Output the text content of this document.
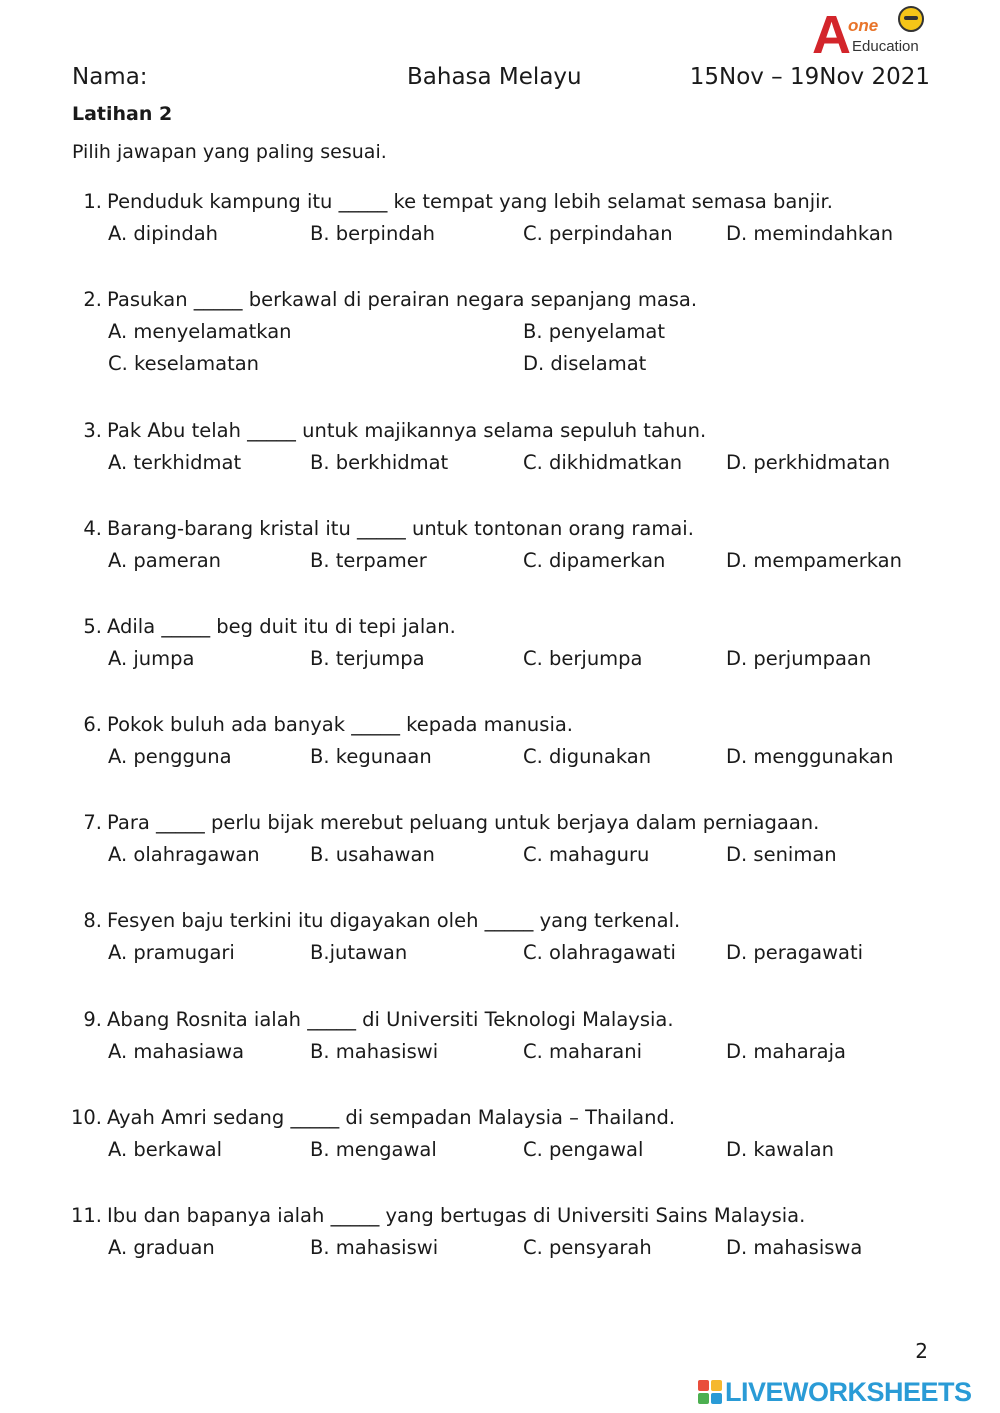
A
one
Education
Nama:	Bahasa Melayu	15Nov – 19Nov 2021
Latihan 2
Pilih jawapan yang paling sesuai.
1. Penduduk kampung itu _____ ke tempat yang lebih selamat semasa banjir.
A. dipindah	B. berpindah	C. perpindahan	D. memindahkan
2. Pasukan _____ berkawal di perairan negara sepanjang masa.
A. menyelamatkan	B. penyelamat
C. keselamatan	D. diselamat
3. Pak Abu telah _____ untuk majikannya selama sepuluh tahun.
A. terkhidmat	B. berkhidmat	C. dikhidmatkan D. perkhidmatan
4. Barang-barang kristal itu _____ untuk tontonan orang ramai.
A. pameran	B. terpamer	C. dipamerkan	D. mempamerkan
5. Adila _____ beg duit itu di tepi jalan.
A. jumpa	B. terjumpa	C. berjumpa	D. perjumpaan
6. Pokok buluh ada banyak _____ kepada manusia.
A. pengguna	B. kegunaan	C. digunakan	D. menggunakan
7. Para _____ perlu bijak merebut peluang untuk berjaya dalam perniagaan.
A. olahragawan	B. usahawan	C. mahaguru	D. seniman
8. Fesyen baju terkini itu digayakan oleh _____ yang terkenal.
A. pramugari	B.jutawan	C. olahragawati	D. peragawati
9. Abang Rosnita ialah _____ di Universiti Teknologi Malaysia.
A. mahasiawa	B. mahasiswi	C. maharani	D. maharaja
10. Ayah Amri sedang _____ di sempadan Malaysia – Thailand.
A. berkawal	B. mengawal	C. pengawal	D. kawalan
11. Ibu dan bapanya ialah _____ yang bertugas di Universiti Sains Malaysia.
A. graduan	B. mahasiswi	C. pensyarah	D. mahasiswa
2
LIVEWORKSHEETS
